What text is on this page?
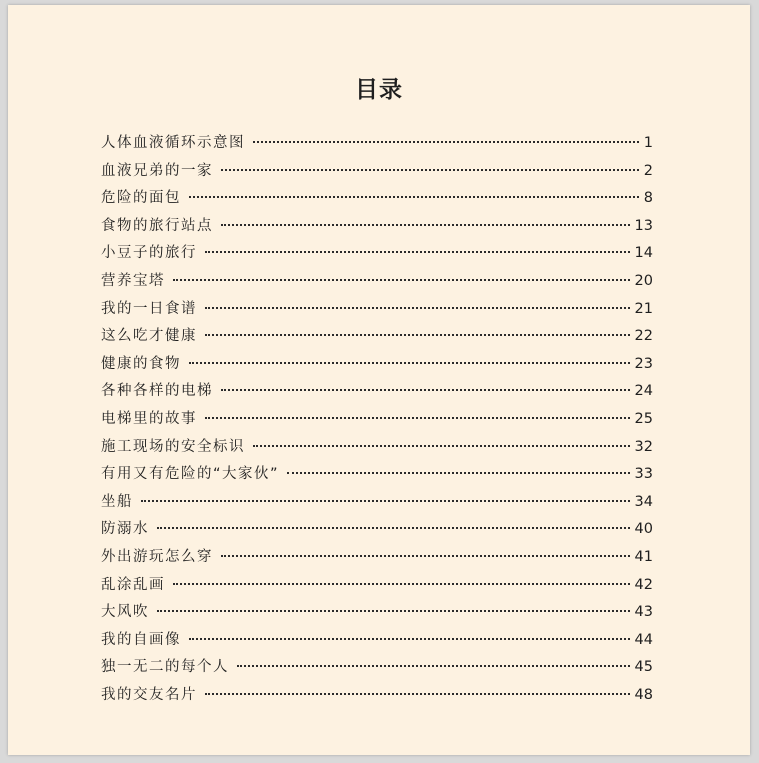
目录
人体血液循环示意图	1
血液兄弟的一家	2
危险的面包	8
食物的旅行站点	13
小豆子的旅行	14
营养宝塔	20
我的一日食谱	21
这么吃才健康	22
健康的食物	23
各种各样的电梯	24
电梯里的故事	25
施工现场的安全标识	32
有用又有危险的“大家伙”	33
坐船	34
防溺水	40
外出游玩怎么穿	41
乱涂乱画	42
大风吹	43
我的自画像	44
独一无二的每个人	45
我的交友名片	48
